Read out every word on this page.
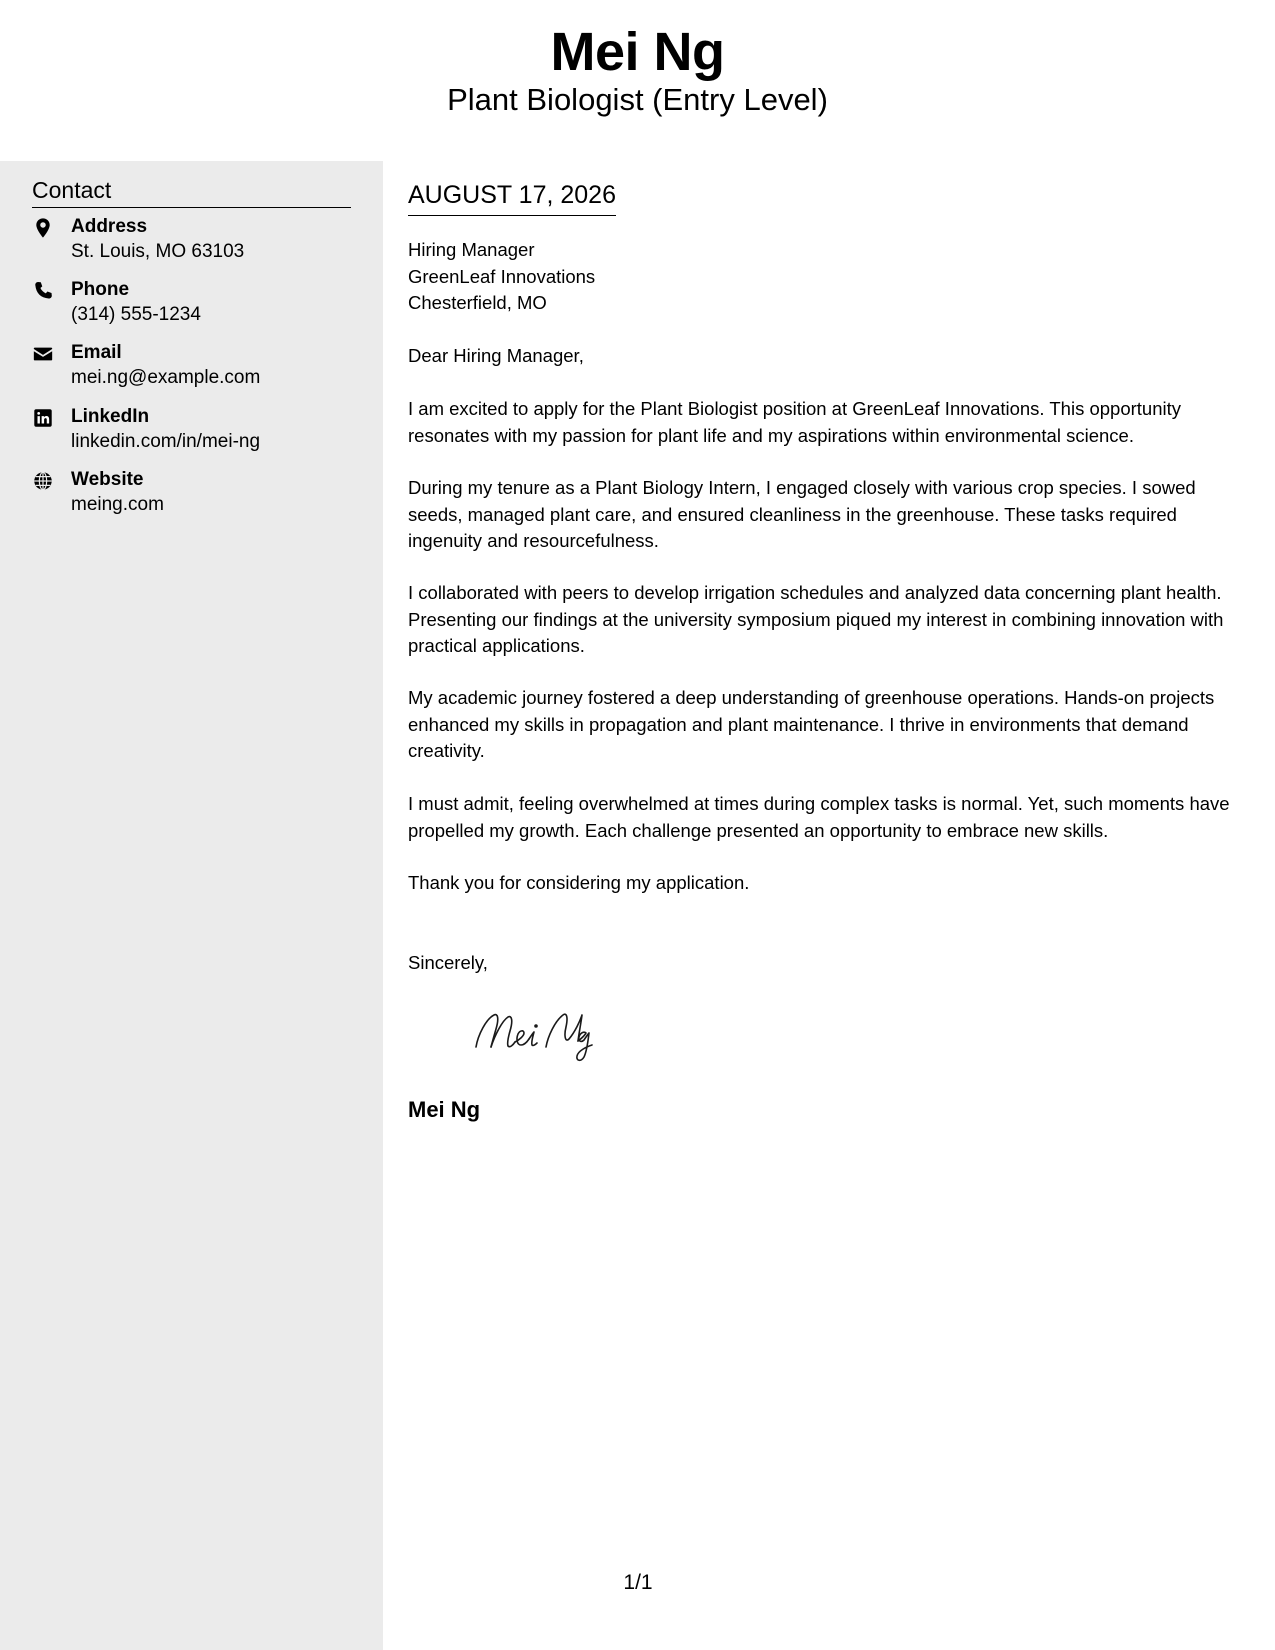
Mei Ng
Plant Biologist (Entry Level)
Contact
Address
St. Louis, MO 63103
Phone
(314) 555-1234
Email
mei.ng@example.com
LinkedIn
linkedin.com/in/mei-ng
Website
meing.com
AUGUST 17, 2026
Hiring Manager
GreenLeaf Innovations
Chesterfield, MO
Dear Hiring Manager,
I am excited to apply for the Plant Biologist position at GreenLeaf Innovations. This opportunity resonates with my passion for plant life and my aspirations within environmental science.
During my tenure as a Plant Biology Intern, I engaged closely with various crop species. I sowed seeds, managed plant care, and ensured cleanliness in the greenhouse. These tasks required ingenuity and resourcefulness.
I collaborated with peers to develop irrigation schedules and analyzed data concerning plant health. Presenting our findings at the university symposium piqued my interest in combining innovation with practical applications.
My academic journey fostered a deep understanding of greenhouse operations. Hands-on projects enhanced my skills in propagation and plant maintenance. I thrive in environments that demand creativity.
I must admit, feeling overwhelmed at times during complex tasks is normal. Yet, such moments have propelled my growth. Each challenge presented an opportunity to embrace new skills.
Thank you for considering my application.
Sincerely,
Mei Ng
1/1
